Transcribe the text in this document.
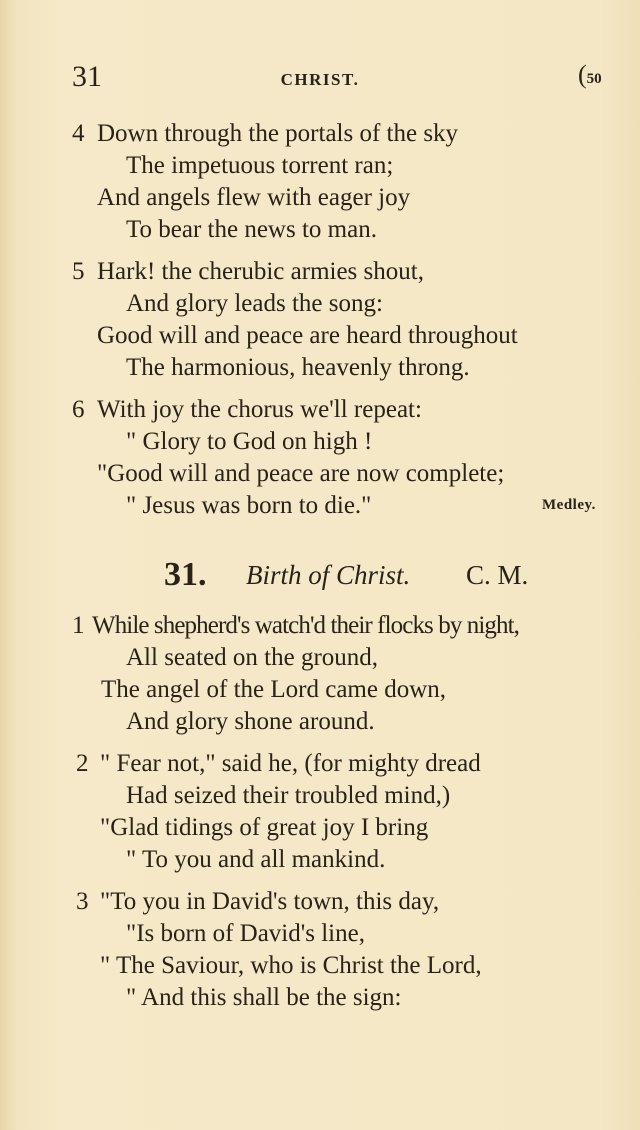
31	CHRIST.	(50
4 Down through the portals of the sky
The impetuous torrent ran;
And angels flew with eager joy
To bear the news to man.
5 Hark! the cherubic armies shout,
And glory leads the song:
Good will and peace are heard throughout
The harmonious, heavenly throng.
6 With joy the chorus we'll repeat:
" Glory to God on high !
"Good will and peace are now complete;
" Jesus was born to die."	Medley.
31. Birth of Christ. C. M.
1 While shepherd's watch'd their flocks by night,
All seated on the ground,
The angel of the Lord came down,
And glory shone around.
2 " Fear not," said he, (for mighty dread
Had seized their troubled mind,)
"Glad tidings of great joy I bring
" To you and all mankind.
3 "To you in David's town, this day,
"Is born of David's line,
" The Saviour, who is Christ the Lord,
" And this shall be the sign:
